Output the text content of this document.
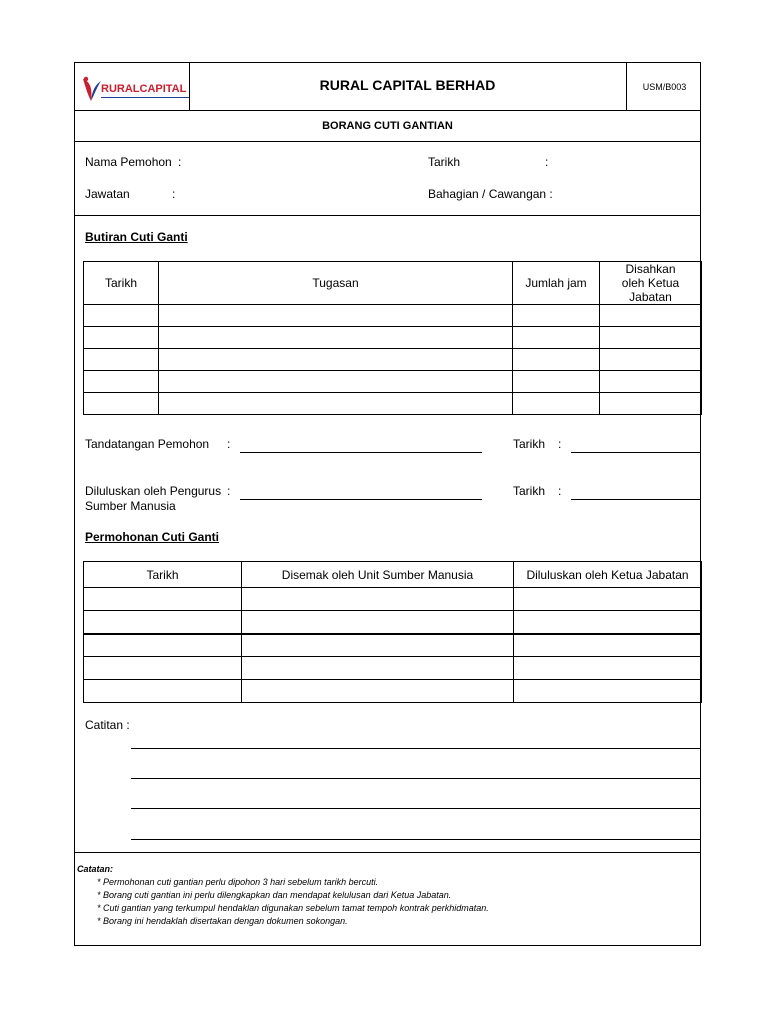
RURALCAPITAL	RURAL CAPITAL BERHAD	USM/B003
BORANG CUTI GANTIAN
Nama Pemohon :	Tarikh	:
Jawatan	:	Bahagian / Cawangan :
Butiran Cuti Ganti
Tarikh	Tugasan	Jumlah jam	Disahkan
oleh Ketua Jabatan

Tandatangan Pemohon :	Tarikh :
Diluluskan oleh Pengurus
Sumber Manusia
:	Tarikh :
Permohonan Cuti Ganti
Tarikh	Disemak oleh Unit Sumber Manusia	Diluluskan oleh Ketua Jabatan

Catitan :
Catatan:
* Permohonan cuti gantian perlu dipohon 3 hari sebelum tarikh bercuti.
* Borang cuti gantian ini perlu dilengkapkan dan mendapat kelulusan dari Ketua Jabatan.
* Cuti gantian yang terkumpul hendaklan digunakan sebelum tamat tempoh kontrak perkhidmatan.
* Borang ini hendaklah disertakan dengan dokumen sokongan.
